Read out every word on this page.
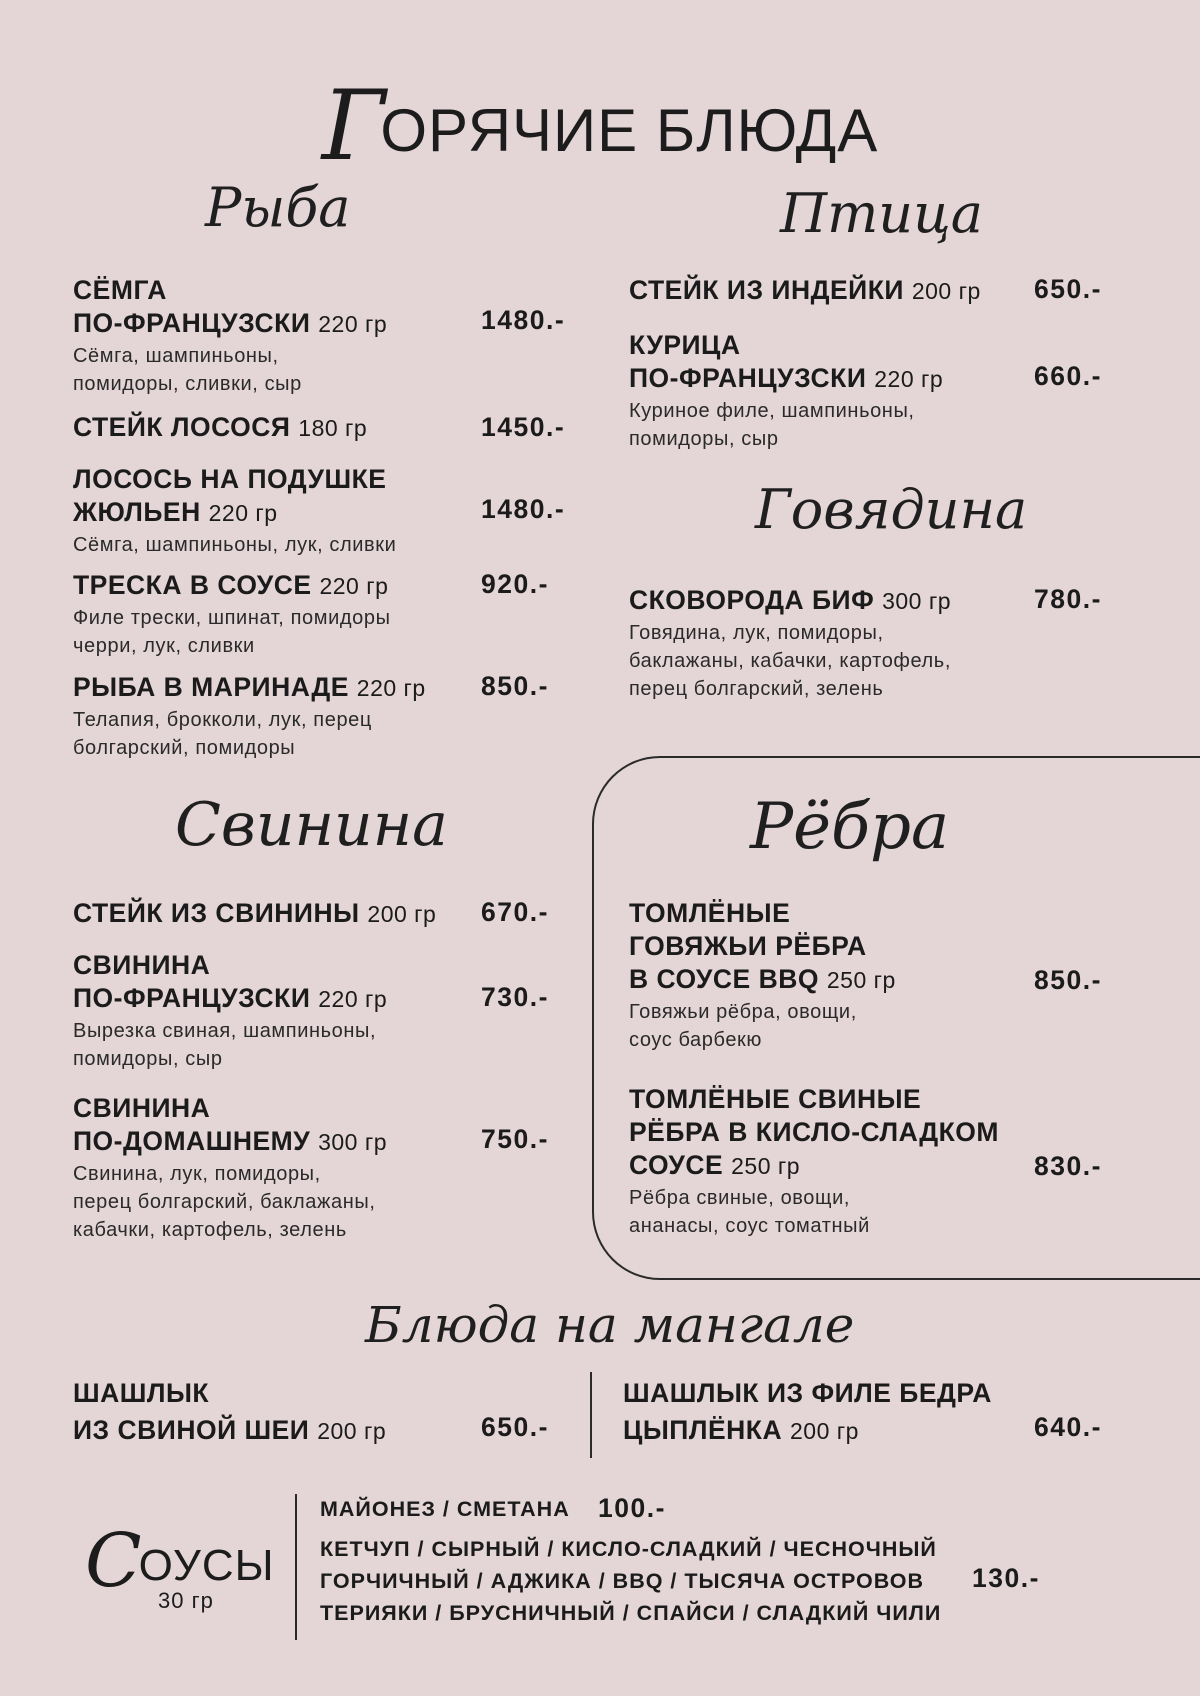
ГОРЯЧИЕ БЛЮДА
Рыба	Птица
Говядина
Свинина	Рёбра
Блюда на мангале
СЁМГА
ПО-ФРАНЦУЗСКИ 220 гр
Сёмга, шампиньоны,
помидоры, сливки, сыр
1480.-
СТЕЙК ЛОСОСЯ 180 гр	1450.-
ЛОСОСЬ НА ПОДУШКЕ
ЖЮЛЬЕН 220 гр
Сёмга, шампиньоны, лук, сливки
1480.-
ТРЕСКА В СОУСЕ 220 гр
Филе трески, шпинат, помидоры
черри, лук, сливки
920.-
РЫБА В МАРИНАДЕ 220 гр
Телапия, брокколи, лук, перец
болгарский, помидоры
850.-
СТЕЙК ИЗ ИНДЕЙКИ 200 гр 650.-
КУРИЦА
ПО-ФРАНЦУЗСКИ 220 гр
Куриное филе, шампиньоны,
помидоры, сыр
660.-
СКОВОРОДА БИФ 300 гр
Говядина, лук, помидоры,
баклажаны, кабачки, картофель,
перец болгарский, зелень
780.-
СТЕЙК ИЗ СВИНИНЫ 200 гр 670.-
СВИНИНА
ПО-ФРАНЦУЗСКИ 220 гр
Вырезка свиная, шампиньоны,
помидоры, сыр
730.-
СВИНИНА
ПО-ДОМАШНЕМУ 300 гр
Свинина, лук, помидоры,
перец болгарский, баклажаны,
кабачки, картофель, зелень
750.-
ТОМЛЁНЫЕ
ГОВЯЖЬИ РЁБРА
В СОУСЕ BBQ 250 гр
Говяжьи рёбра, овощи,
соус барбекю
850.-
ТОМЛЁНЫЕ СВИНЫЕ
РЁБРА В КИСЛО-СЛАДКОМ
СОУСЕ 250 гр
Рёбра свиные, овощи,
ананасы, соус томатный
830.-
ШАШЛЫК
ИЗ СВИНОЙ ШЕИ 200 гр	650.-
ШАШЛЫК ИЗ ФИЛЕ БЕДРА
ЦЫПЛЁНКА 200 гр	640.-
СОУСЫ
30 гр
МАЙОНЕЗ / СМЕТАНА 100.-
КЕТЧУП / СЫРНЫЙ / КИСЛО-СЛАДКИЙ / ЧЕСНОЧНЫЙ
ГОРЧИЧНЫЙ / АДЖИКА / BBQ / ТЫСЯЧА ОСТРОВОВ
ТЕРИЯКИ / БРУСНИЧНЫЙ / СПАЙСИ / СЛАДКИЙ ЧИЛИ
130.-
